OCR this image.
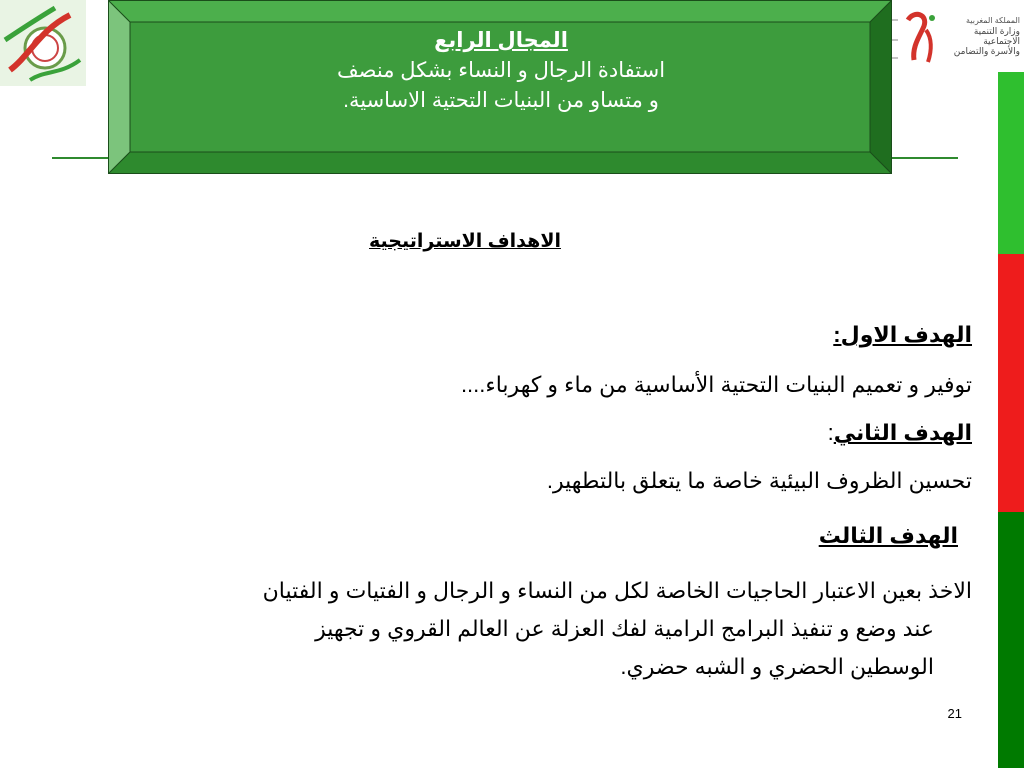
المملكة المغربية
وزارة التنمية الاجتماعية
والأسرة والتضامن
المجال الرابع
استفادة الرجال و النساء بشكل منصف
و متساو من البنيات التحتية الاساسية.
الاهداف الاستراتيجية
الهدف الاول:
توفير و تعميم البنيات التحتية الأساسية من ماء و كهرباء....
الهدف الثاني:
تحسين الظروف البيئية خاصة ما يتعلق بالتطهير.
الهدف الثالث
الاخذ بعين الاعتبار الحاجيات الخاصة لكل من النساء و الرجال و الفتيات و الفتيان
عند وضع و تنفيذ البرامج الرامية لفك العزلة عن العالم القروي و تجهيز
الوسطين الحضري و الشبه حضري.
21
